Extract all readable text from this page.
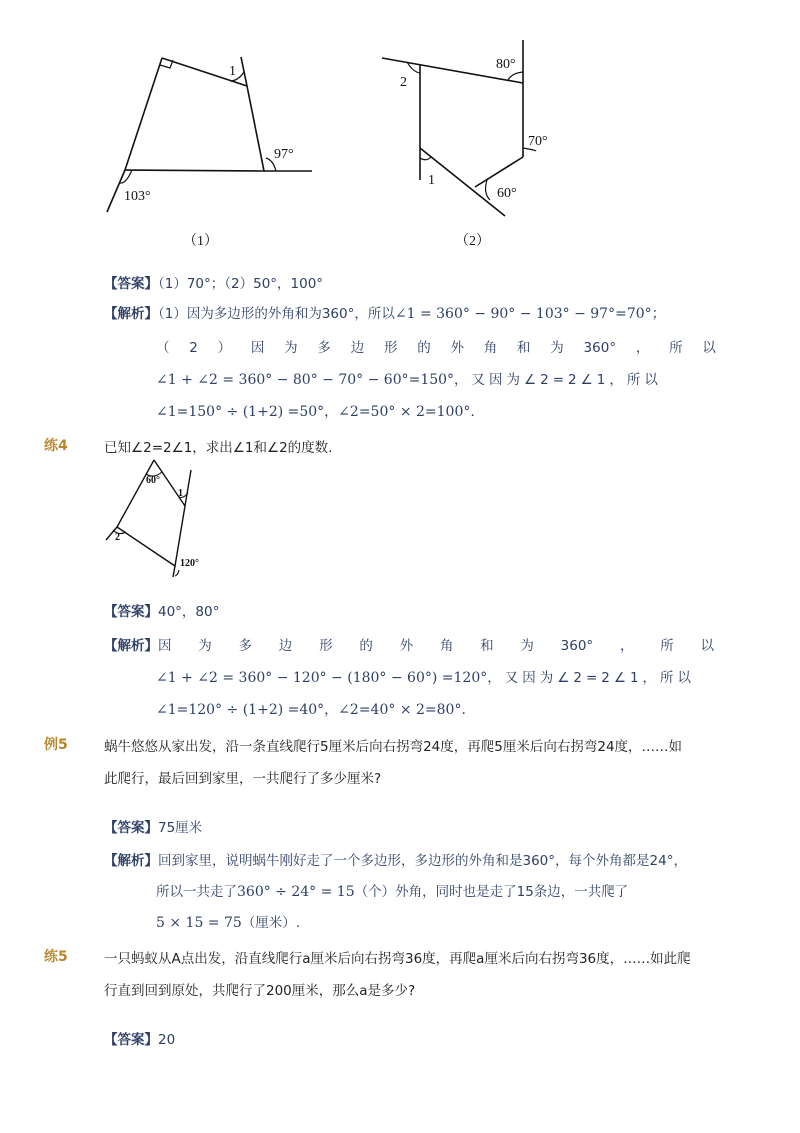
1
97°
103°
（1）
80°
2
70°
1
60°
（2）
【答案】（1）70°；（2）50°，100°
【解析】（1）因为多边形的外角和为360°，所以∠1 = 360° − 90° − 103° − 97°=70°；
（ 2 ） 因 为 多 边 形 的 外 角 和 为 360° ， 所 以
∠1 + ∠2 = 360° − 80° − 70° − 60°=150°，又因为∠2=2∠1，所以
∠1=150° ÷ (1+2) =50°，∠2=50° × 2=100°.
练4	已知∠2=2∠1，求出∠1和∠2的度数.
60°
1
2
120°
【答案】40°，80°
【解析】 因 为 多 边 形 的 外 角 和 为 360° ， 所 以
∠1 + ∠2 = 360° − 120° − (180° − 60°) =120°，又因为∠2=2∠1，所以
∠1=120° ÷ (1+2) =40°，∠2=40° × 2=80°.
例5	蜗牛悠悠从家出发，沿一条直线爬行5厘米后向右拐弯24度，再爬5厘米后向右拐弯24度，……如
此爬行，最后回到家里，一共爬行了多少厘米?
【答案】75厘米
【解析】回到家里，说明蜗牛刚好走了一个多边形，多边形的外角和是360°，每个外角都是24°，
所以一共走了360° ÷ 24° = 15（个）外角，同时也是走了15条边，一共爬了
5 × 15 = 75（厘米）.
练5	一只蚂蚁从A点出发，沿直线爬行a厘米后向右拐弯36度，再爬a厘米后向右拐弯36度，……如此爬
行直到回到原处，共爬行了200厘米，那么a是多少?
【答案】20
